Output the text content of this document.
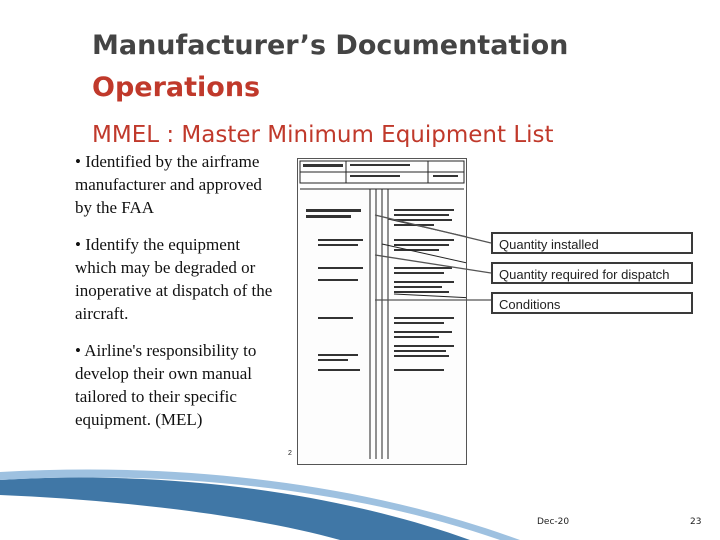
Manufacturer’s Documentation
Operations
MMEL : Master Minimum Equipment List
• Identified by the airframe manufacturer and approved by the FAA
• Identify the equipment which may be degraded or inoperative at dispatch of the aircraft.
• Airline's responsibility to develop their own manual tailored to their specific equipment. (MEL)
2
Quantity installed
Quantity required for dispatch
Conditions
Dec-20	23
